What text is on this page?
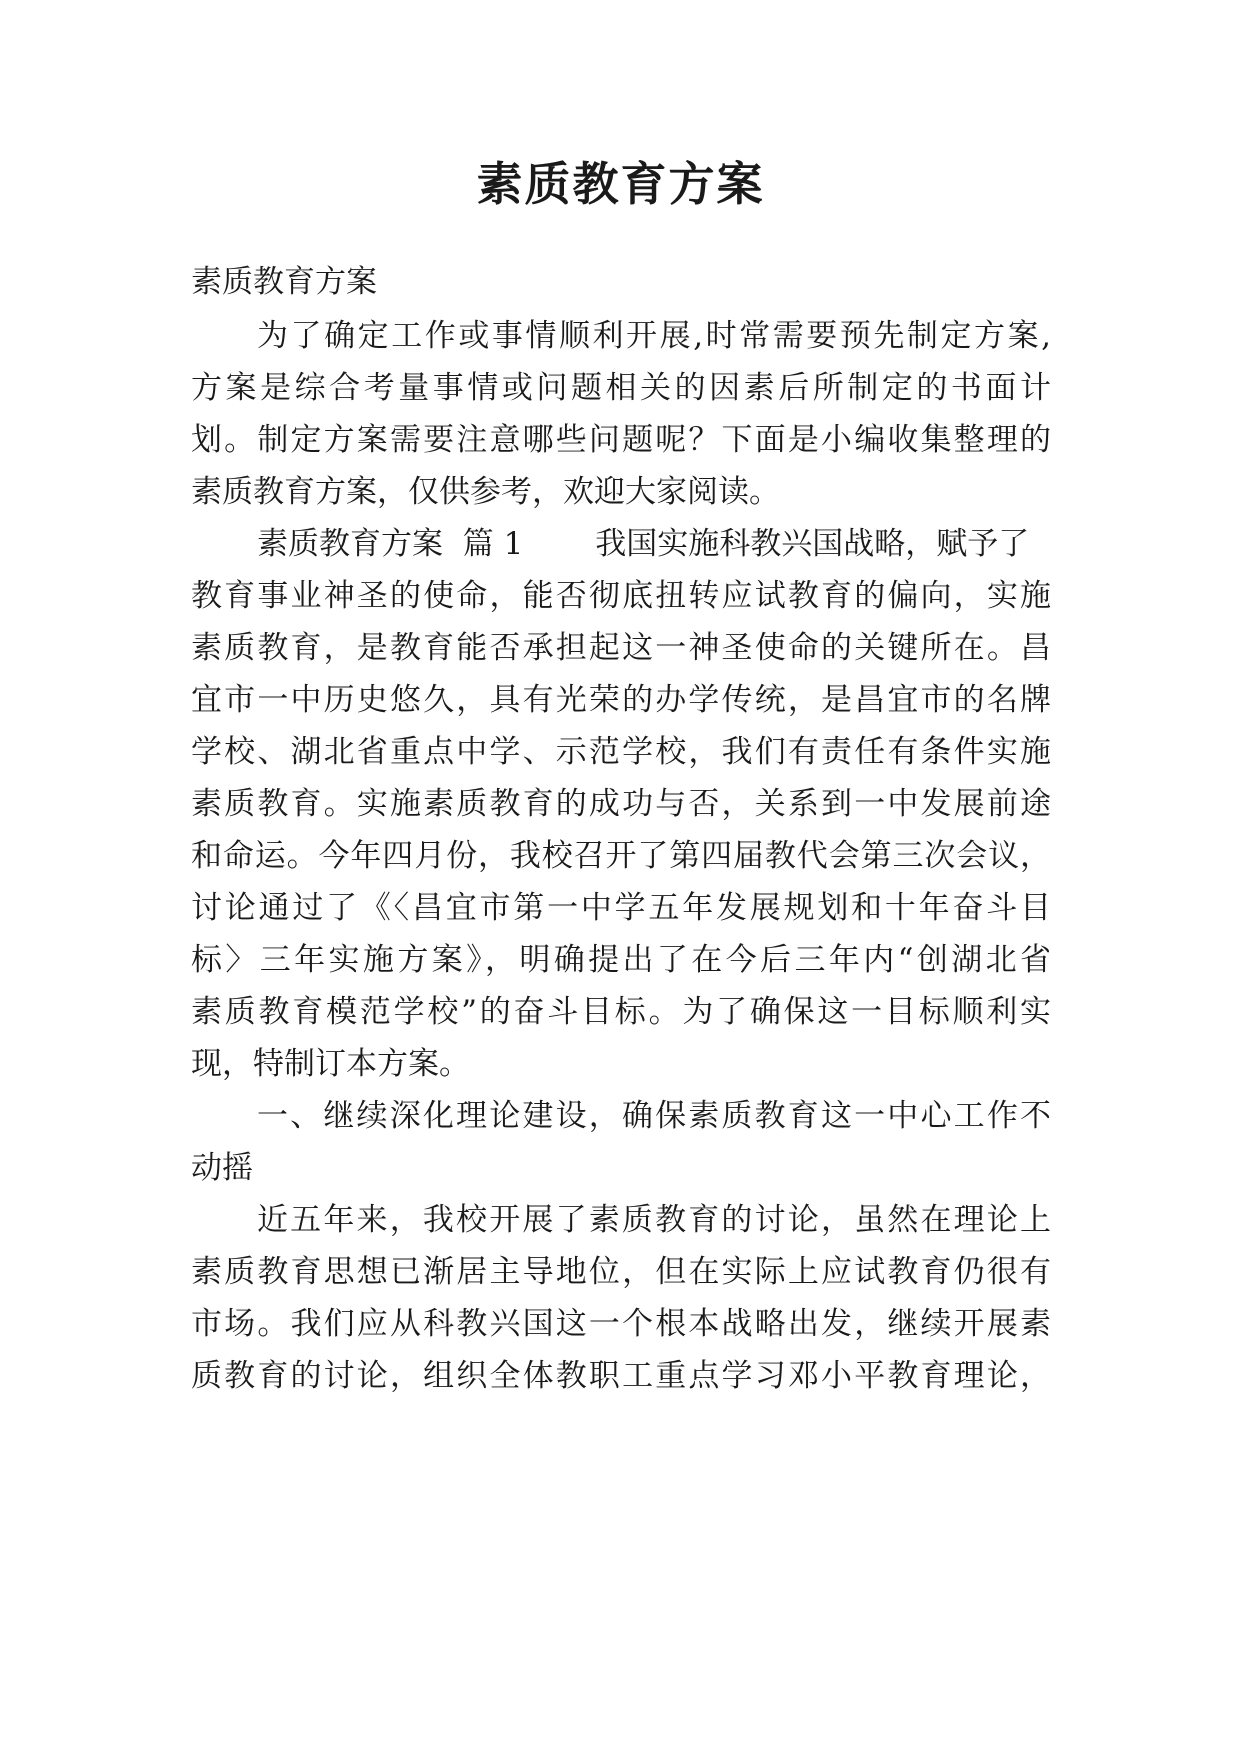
素质教育方案

素质教育方案

为了确定工作或事情顺利开展,时常需要预先制定方案,

方案是综合考量事情或问题相关的因素后所制定的书面计

划。制定方案需要注意哪些问题呢？下面是小编收集整理的

素质教育方案，仅供参考，欢迎大家阅读。

素质教育方案 篇 1 我国实施科教兴国战略，赋予了

教育事业神圣的使命，能否彻底扭转应试教育的偏向，实施

素质教育，是教育能否承担起这一神圣使命的关键所在。昌

宜市一中历史悠久，具有光荣的办学传统，是昌宜市的名牌

学校、湖北省重点中学、示范学校，我们有责任有条件实施

素质教育。实施素质教育的成功与否，关系到一中发展前途

和命运。今年四月份，我校召开了第四届教代会第三次会议，

讨论通过了《〈昌宜市第一中学五年发展规划和十年奋斗目

标〉三年实施方案》，明确提出了在今后三年内“创湖北省

素质教育模范学校”的奋斗目标。为了确保这一目标顺利实

现，特制订本方案。

一、继续深化理论建设，确保素质教育这一中心工作不

动摇

近五年来，我校开展了素质教育的讨论，虽然在理论上

素质教育思想已渐居主导地位，但在实际上应试教育仍很有

市场。我们应从科教兴国这一个根本战略出发，继续开展素

质教育的讨论，组织全体教职工重点学习邓小平教育理论，
